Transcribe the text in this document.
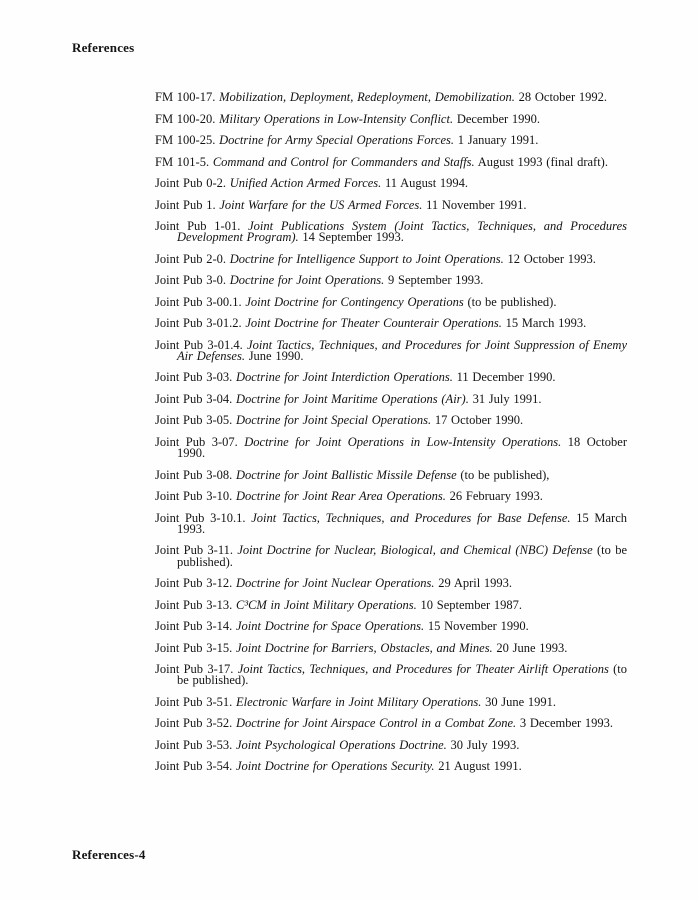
References

FM 100-17. Mobilization, Deployment, Redeployment, Demobilization. 28 October 1992.

FM 100-20. Military Operations in Low-Intensity Conflict. December 1990.

FM 100-25. Doctrine for Army Special Operations Forces. 1 January 1991.

FM 101-5. Command and Control for Commanders and Staffs. August 1993 (final draft).

Joint Pub 0-2. Unified Action Armed Forces. 11 August 1994.

Joint Pub 1. Joint Warfare for the US Armed Forces. 11 November 1991.

Joint Pub 1-01. Joint Publications System (Joint Tactics, Techniques, and Procedures Development Program). 14 September 1993.

Joint Pub 2-0. Doctrine for Intelligence Support to Joint Operations. 12 October 1993.

Joint Pub 3-0. Doctrine for Joint Operations. 9 September 1993.

Joint Pub 3-00.1. Joint Doctrine for Contingency Operations (to be published).

Joint Pub 3-01.2. Joint Doctrine for Theater Counterair Operations. 15 March 1993.

Joint Pub 3-01.4. Joint Tactics, Techniques, and Procedures for Joint Suppression of Enemy Air Defenses. June 1990.

Joint Pub 3-03. Doctrine for Joint Interdiction Operations. 11 December 1990.

Joint Pub 3-04. Doctrine for Joint Maritime Operations (Air). 31 July 1991.

Joint Pub 3-05. Doctrine for Joint Special Operations. 17 October 1990.

Joint Pub 3-07. Doctrine for Joint Operations in Low-Intensity Operations. 18 October 1990.

Joint Pub 3-08. Doctrine for Joint Ballistic Missile Defense (to be published),

Joint Pub 3-10. Doctrine for Joint Rear Area Operations. 26 February 1993.

Joint Pub 3-10.1. Joint Tactics, Techniques, and Procedures for Base Defense. 15 March 1993.

Joint Pub 3-11. Joint Doctrine for Nuclear, Biological, and Chemical (NBC) Defense (to be published).

Joint Pub 3-12. Doctrine for Joint Nuclear Operations. 29 April 1993.

Joint Pub 3-13. C³CM in Joint Military Operations. 10 September 1987.

Joint Pub 3-14. Joint Doctrine for Space Operations. 15 November 1990.

Joint Pub 3-15. Joint Doctrine for Barriers, Obstacles, and Mines. 20 June 1993.

Joint Pub 3-17. Joint Tactics, Techniques, and Procedures for Theater Airlift Operations (to be published).

Joint Pub 3-51. Electronic Warfare in Joint Military Operations. 30 June 1991.

Joint Pub 3-52. Doctrine for Joint Airspace Control in a Combat Zone. 3 December 1993.

Joint Pub 3-53. Joint Psychological Operations Doctrine. 30 July 1993.

Joint Pub 3-54. Joint Doctrine for Operations Security. 21 August 1991.

References-4
